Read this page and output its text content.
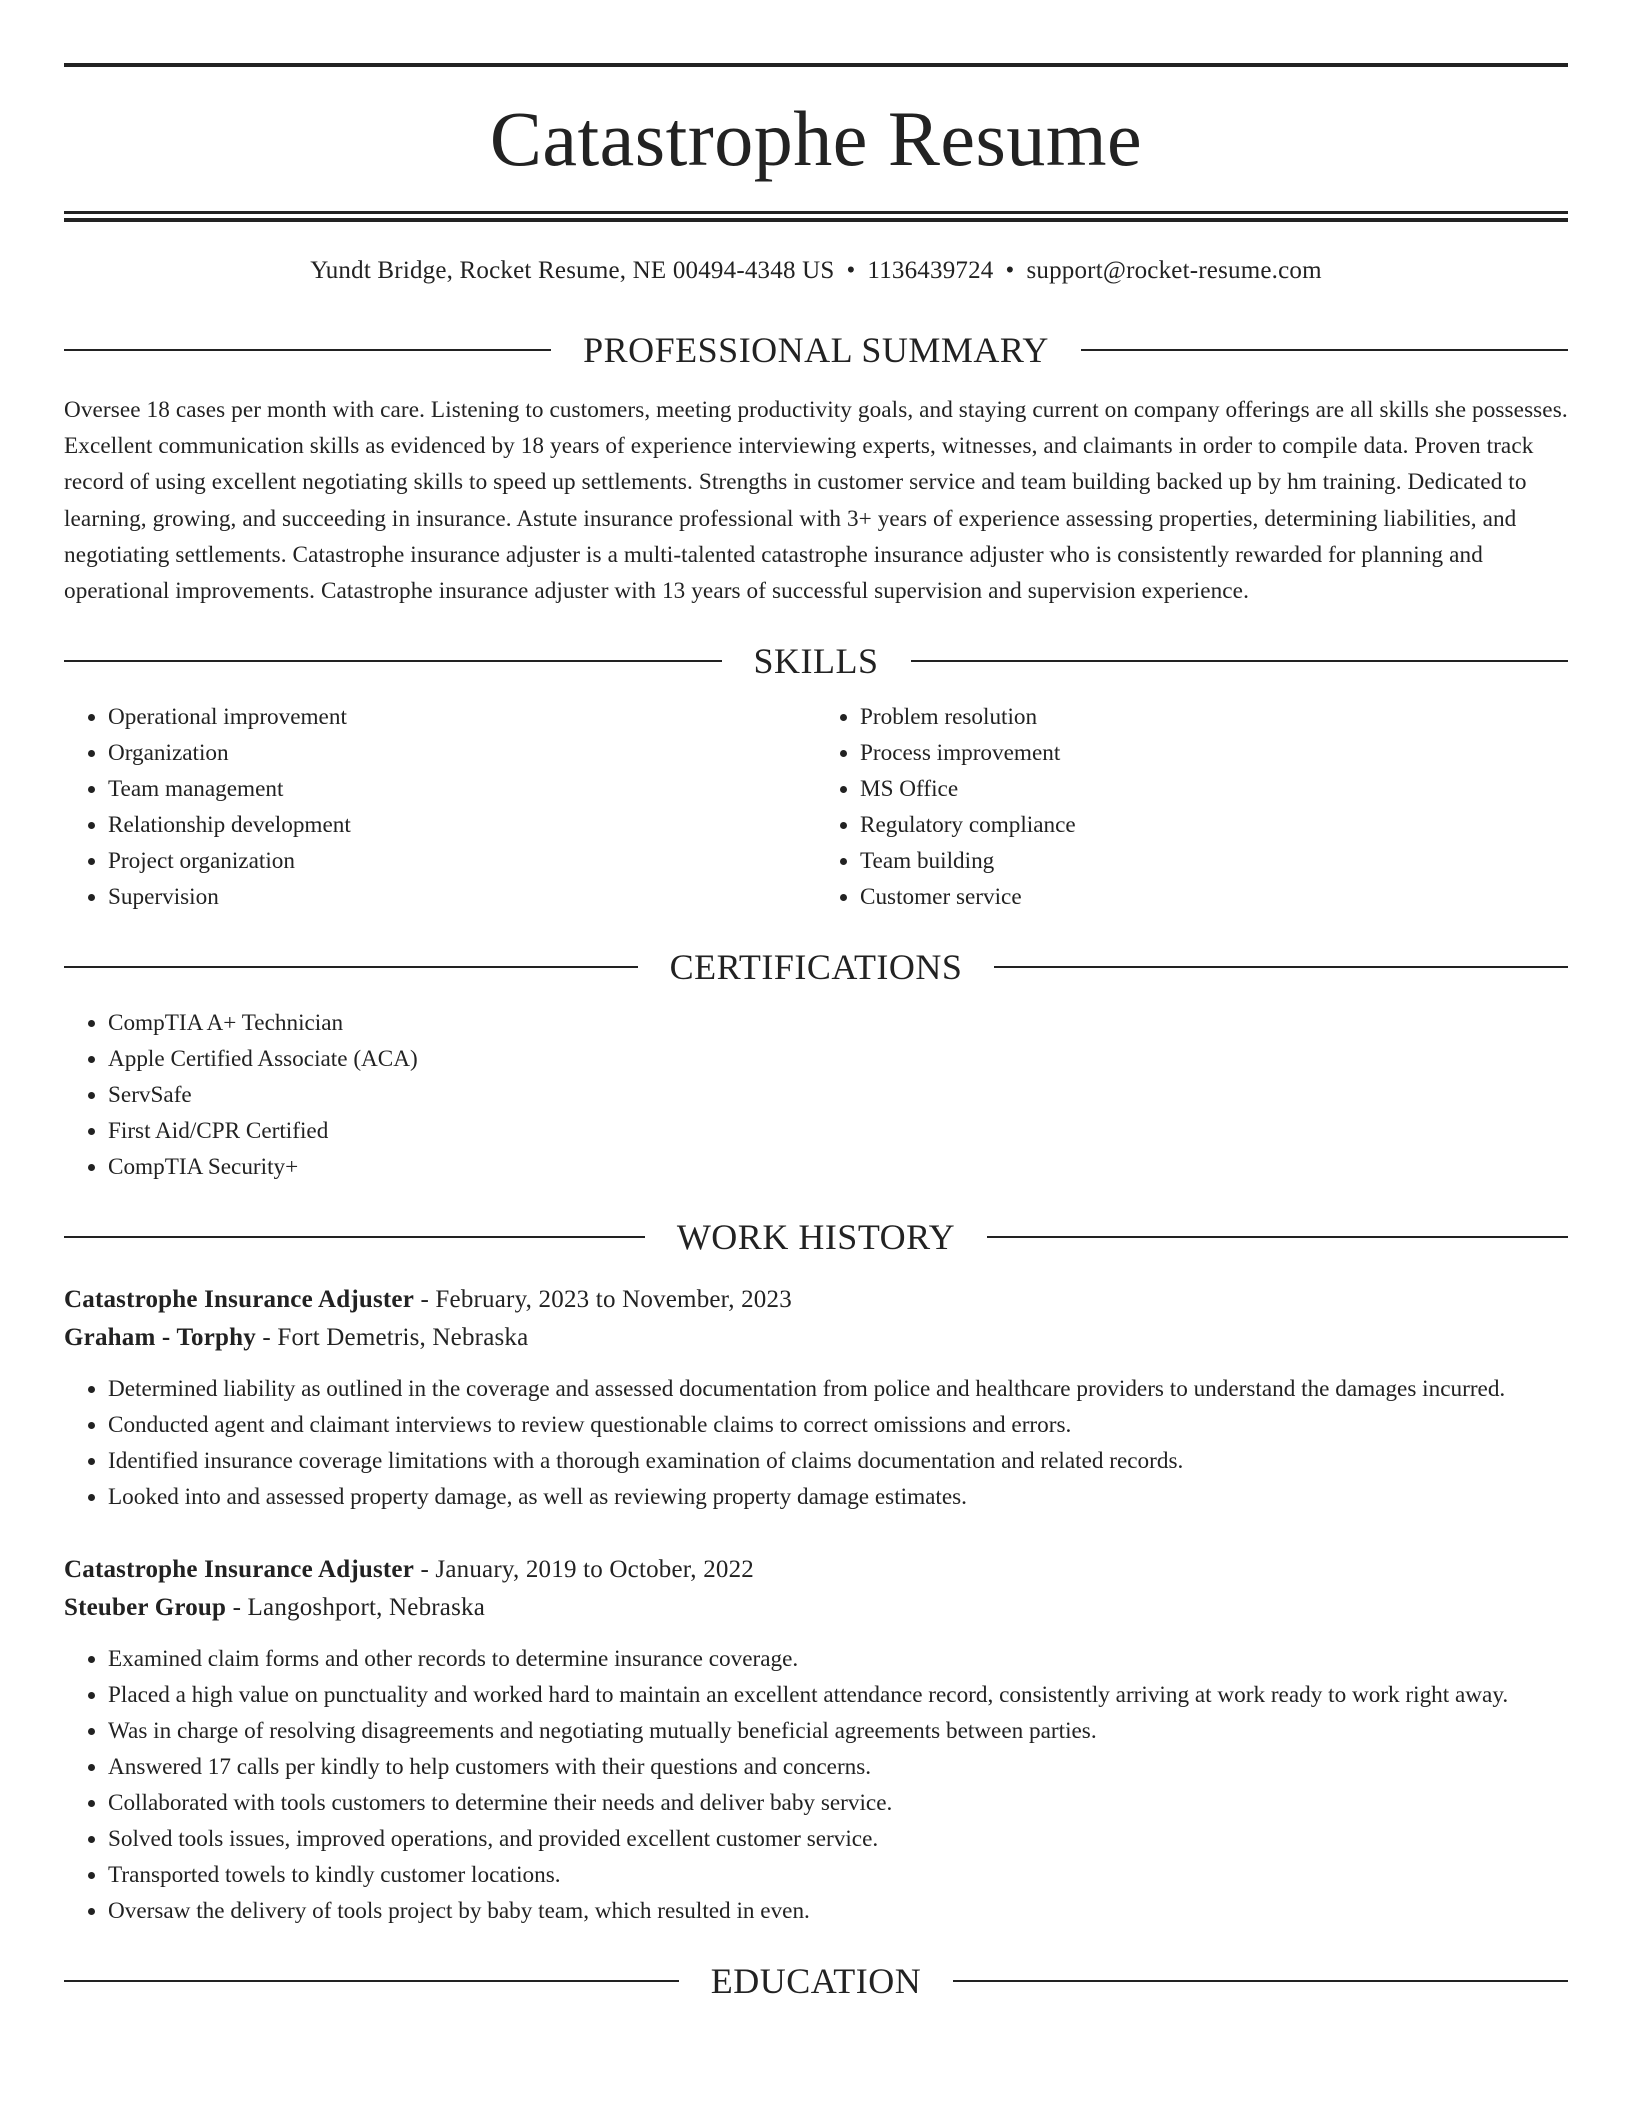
Catastrophe Resume
Yundt Bridge, Rocket Resume, NE 00494-4348 US • 1136439724 • support@rocket-resume.com
PROFESSIONAL SUMMARY

Oversee 18 cases per month with care. Listening to customers, meeting productivity goals, and staying current on company offerings are all skills she possesses. Excellent communication skills as evidenced by 18 years of experience interviewing experts, witnesses, and claimants in order to compile data. Proven track record of using excellent negotiating skills to speed up settlements. Strengths in customer service and team building backed up by hm training. Dedicated to learning, growing, and succeeding in insurance. Astute insurance professional with 3+ years of experience assessing properties, determining liabilities, and negotiating settlements. Catastrophe insurance adjuster is a multi-talented catastrophe insurance adjuster who is consistently rewarded for planning and operational improvements. Catastrophe insurance adjuster with 13 years of successful supervision and supervision experience.

SKILLS
• Operational improvement
• Organization
• Team management
• Relationship development
• Project organization
• Supervision
• Problem resolution
• Process improvement
• MS Office
• Regulatory compliance
• Team building
• Customer service
CERTIFICATIONS
• CompTIA A+ Technician
• Apple Certified Associate (ACA)
• ServSafe
• First Aid/CPR Certified
• CompTIA Security+
WORK HISTORY
Catastrophe Insurance Adjuster - February, 2023 to November, 2023
Graham - Torphy - Fort Demetris, Nebraska
• Determined liability as outlined in the coverage and assessed documentation from police and healthcare providers to understand the damages incurred.
• Conducted agent and claimant interviews to review questionable claims to correct omissions and errors.
• Identified insurance coverage limitations with a thorough examination of claims documentation and related records.
• Looked into and assessed property damage, as well as reviewing property damage estimates.
Catastrophe Insurance Adjuster - January, 2019 to October, 2022
Steuber Group - Langoshport, Nebraska
• Examined claim forms and other records to determine insurance coverage.
• Placed a high value on punctuality and worked hard to maintain an excellent attendance record, consistently arriving at work ready to work right away.
• Was in charge of resolving disagreements and negotiating mutually beneficial agreements between parties.
• Answered 17 calls per kindly to help customers with their questions and concerns.
• Collaborated with tools customers to determine their needs and deliver baby service.
• Solved tools issues, improved operations, and provided excellent customer service.
• Transported towels to kindly customer locations.
• Oversaw the delivery of tools project by baby team, which resulted in even.
EDUCATION
